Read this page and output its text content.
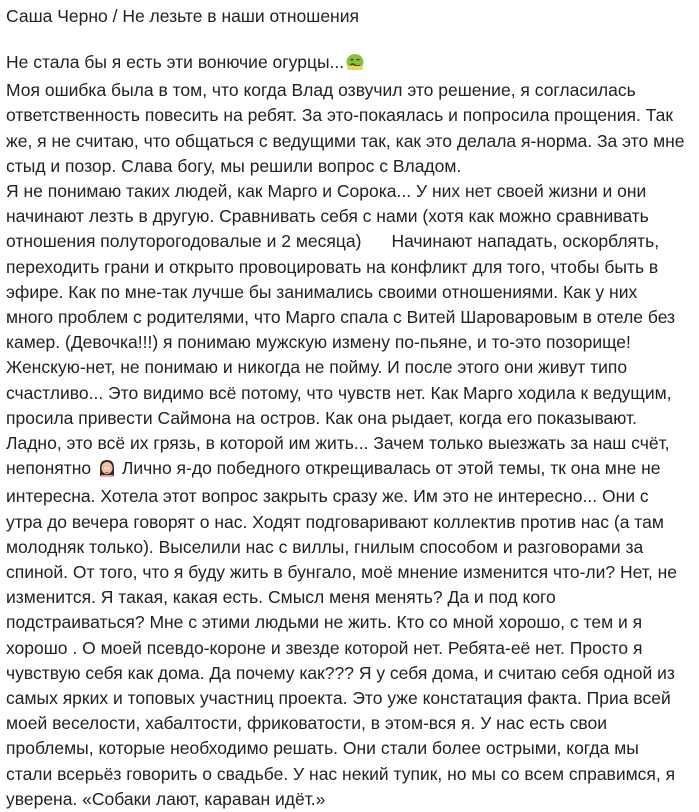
Саша Черно / Не лезьте в наши отношения
Не стала бы я есть эти вонючие огурцы...
Моя ошибка была в том, что когда Влад озвучил это решение, я согласилась
ответственность повесить на ребят. За это-покаялась и попросила прощения. Так
же, я не считаю, что общаться с ведущими так, как это делала я-норма. За это мне
стыд и позор. Слава богу, мы решили вопрос с Владом.
Я не понимаю таких людей, как Марго и Сорока... У них нет своей жизни и они
начинают лезть в другую. Сравнивать себя с нами (хотя как можно сравнивать
отношения полуторогодовалые и 2 месяца) Начинают нападать, оскорблять,
переходить грани и открыто провоцировать на конфликт для того, чтобы быть в
эфире. Как по мне-так лучше бы занимались своими отношениями. Как у них
много проблем с родителями, что Марго спала с Витей Шароваровым в отеле без
камер. (Девочка!!!) я понимаю мужскую измену по-пьяне, и то-это позорище!
Женскую-нет, не понимаю и никогда не пойму. И после этого они живут типо
счастливо... Это видимо всё потому, что чувств нет. Как Марго ходила к ведущим,
просила привести Саймона на остров. Как она рыдает, когда его показывают.
Ладно, это всё их грязь, в которой им жить... Зачем только выезжать за наш счёт,
непонятно Лично я-до победного открещивалась от этой темы, тк она мне не
интересна. Хотела этот вопрос закрыть сразу же. Им это не интересно... Они с
утра до вечера говорят о нас. Ходят подговаривают коллектив против нас (а там
молодняк только). Выселили нас с виллы, гнилым способом и разговорами за
спиной. От того, что я буду жить в бунгало, моё мнение изменится что-ли? Нет, не
изменится. Я такая, какая есть. Смысл меня менять? Да и под кого
подстраиваться? Мне с этими людьми не жить. Кто со мной хорошо, с тем и я
хорошо . О моей псевдо-короне и звезде которой нет. Ребята-её нет. Просто я
чувствую себя как дома. Да почему как??? Я у себя дома, и считаю себя одной из
самых ярких и топовых участниц проекта. Это уже констатация факта. Приа всей
моей веселости, хабалтости, фриковатости, в этом-вся я. У нас есть свои
проблемы, которые необходимо решать. Они стали более острыми, когда мы
стали всерьёз говорить о свадьбе. У нас некий тупик, но мы со всем справимся, я
уверена. «Собаки лают, караван идёт.»
